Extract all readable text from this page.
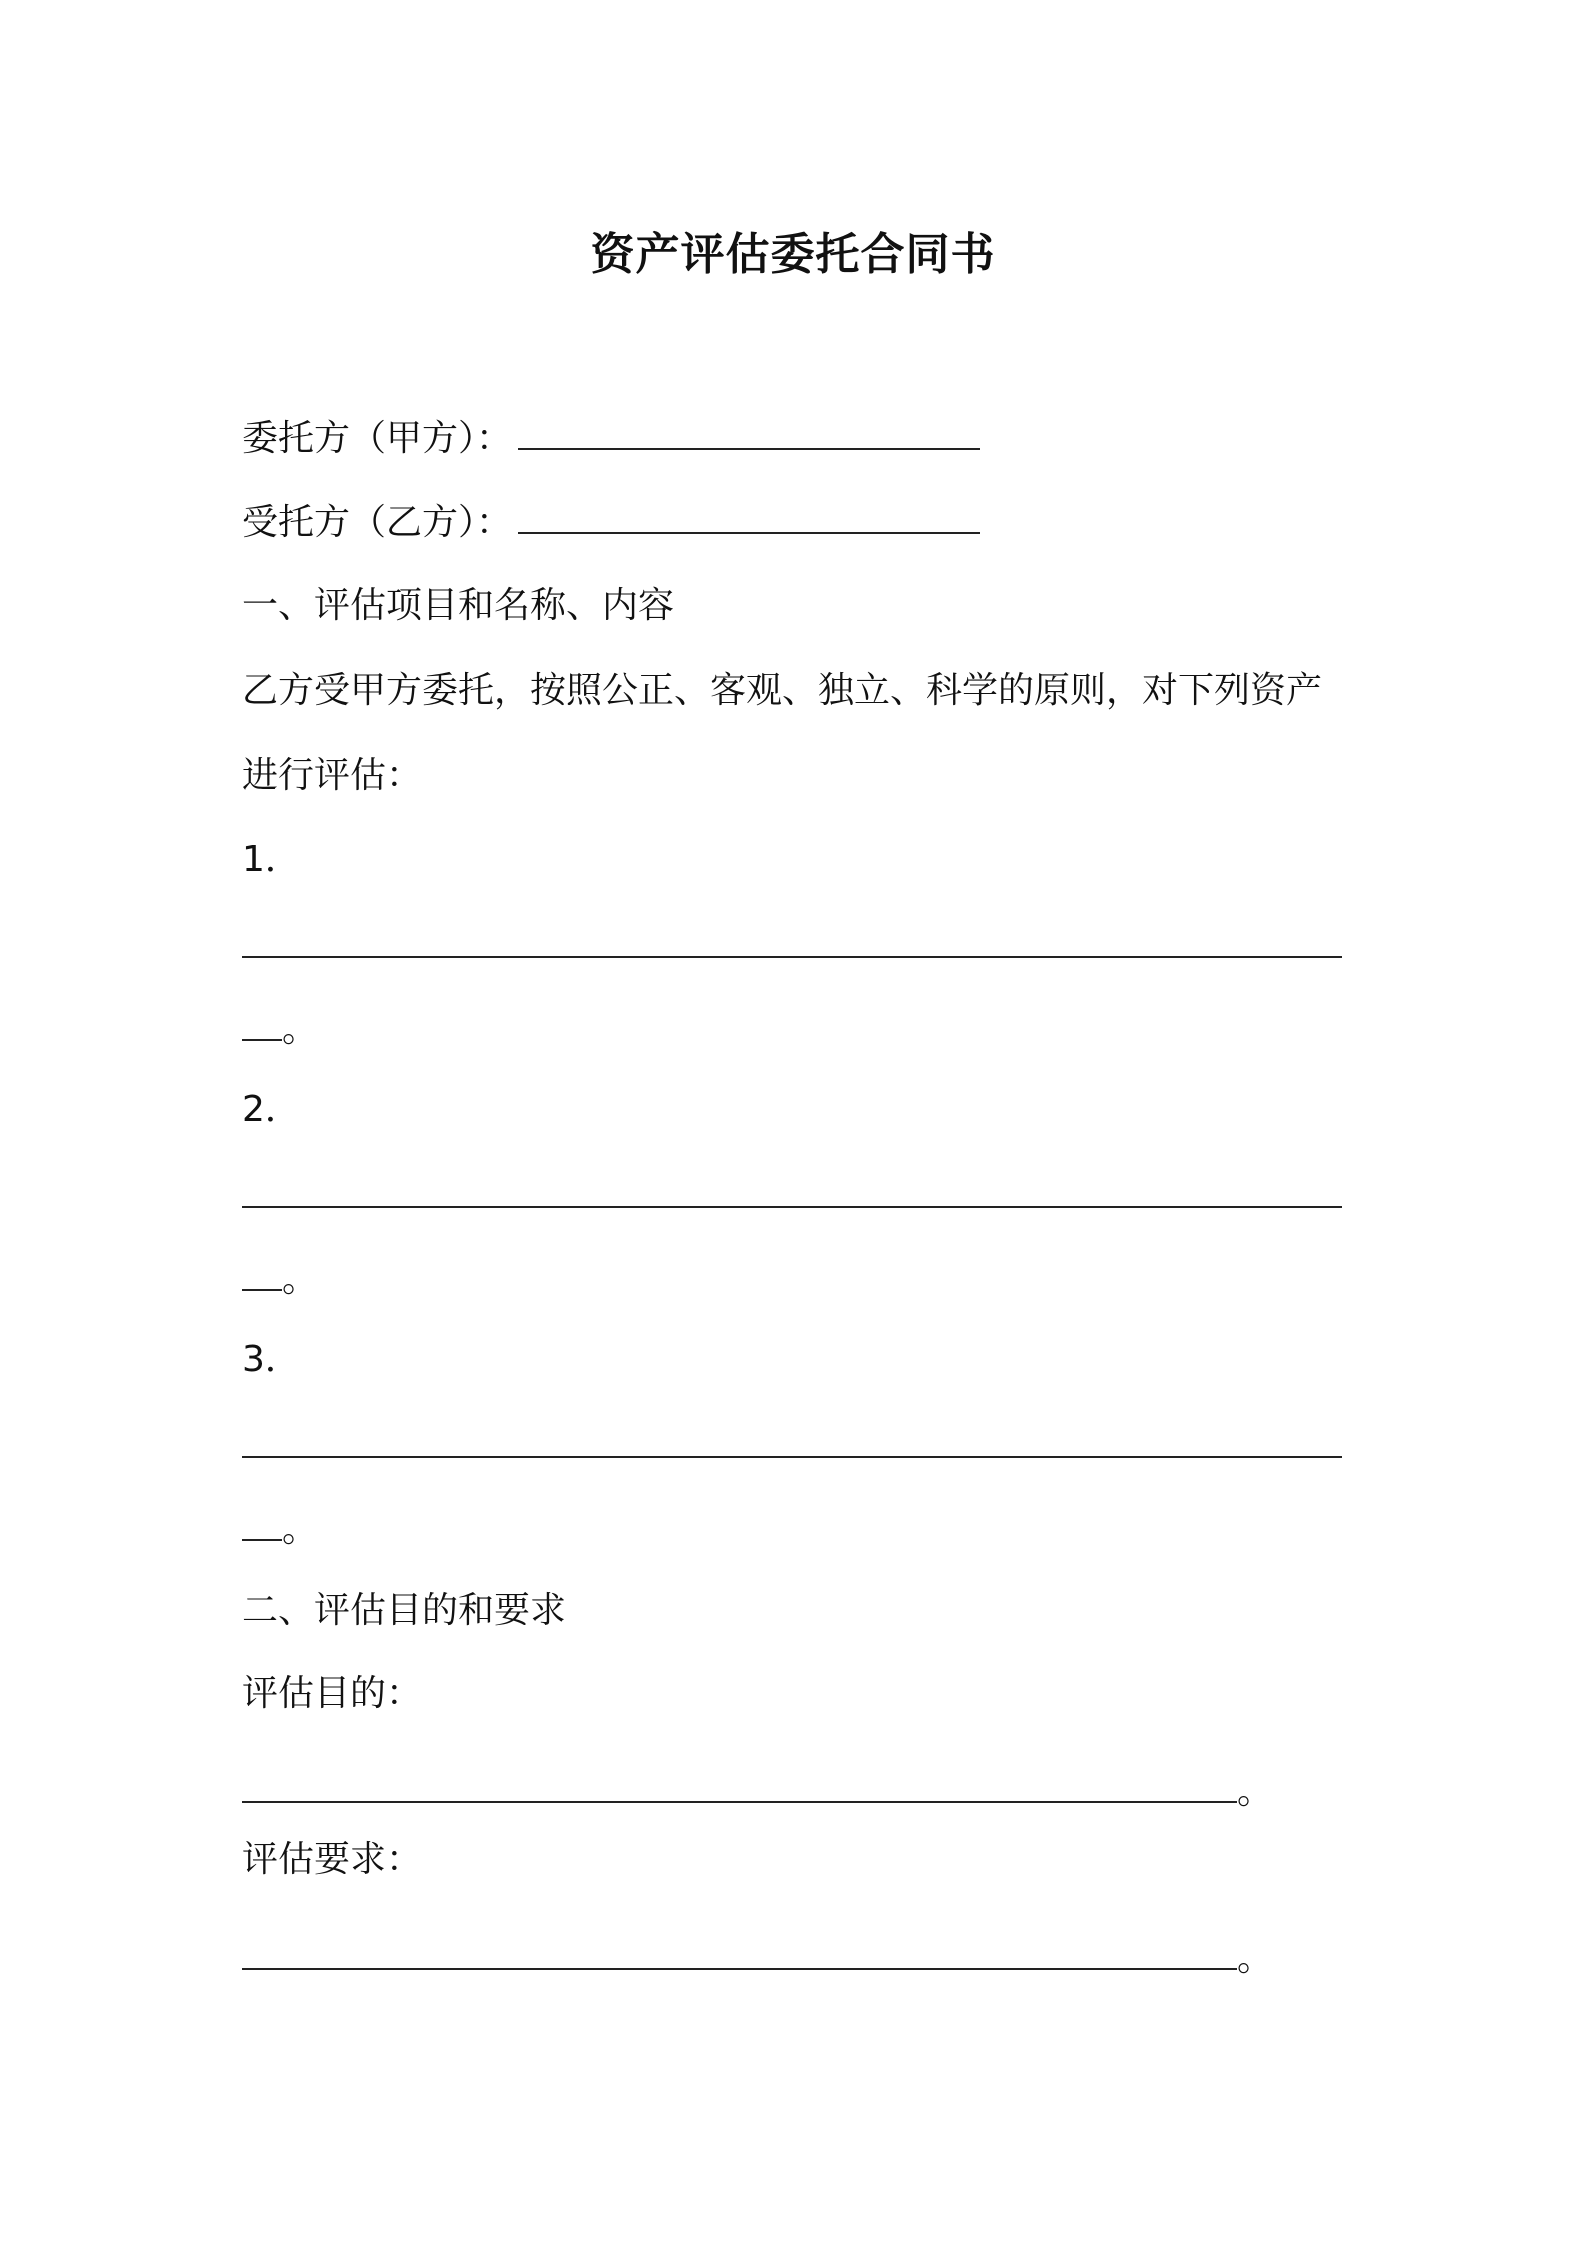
资产评估委托合同书
委托方（甲方）：
受托方（乙方）：
一、评估项目和名称、内容
乙方受甲方委托，按照公正、客观、独立、科学的原则，对下列资产
进行评估：
1．
。
2．
。
3．
。
二、评估目的和要求
评估目的：
。
评估要求：
。
